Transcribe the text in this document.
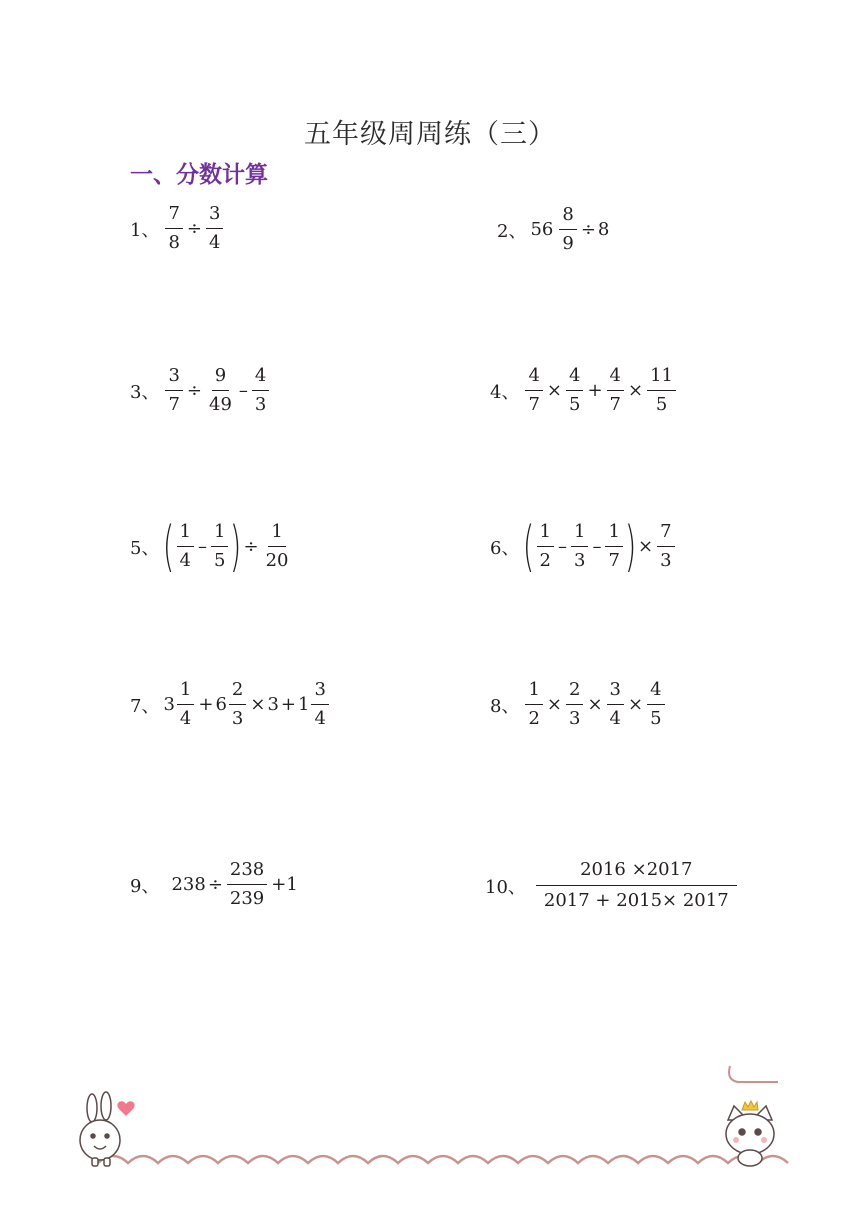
五年级周周练（三）
一、分数计算
1、 $\frac{7}{8} \div \frac{3}{4}$	2、 $56 \frac{8}{9} \div 8$
3、 $\frac{3}{7} \div \frac{9}{49} - \frac{4}{3}$	4、 $\frac{4}{7} \times \frac{4}{5} + \frac{4}{7} \times \frac{11}{5}$
5、 ( $\frac{1}{4} - \frac{1}{5}$ ) ÷ $\frac{1}{20}$	6、 ( $\frac{1}{2} - \frac{1}{3} - \frac{1}{7}$ ) × $\frac{7}{3}$
7、 $3 \frac{1}{4} + 6 \frac{2}{3} \times 3 + 1 \frac{3}{4}$	8、 $\frac{1}{2} \times \frac{2}{3} \times \frac{3}{4} \times \frac{4}{5}$
9、 $238 \div \frac{238}{239} +1$	10、 $\frac{2016 \times 2017}{2017 + 2015\times 2017}$
